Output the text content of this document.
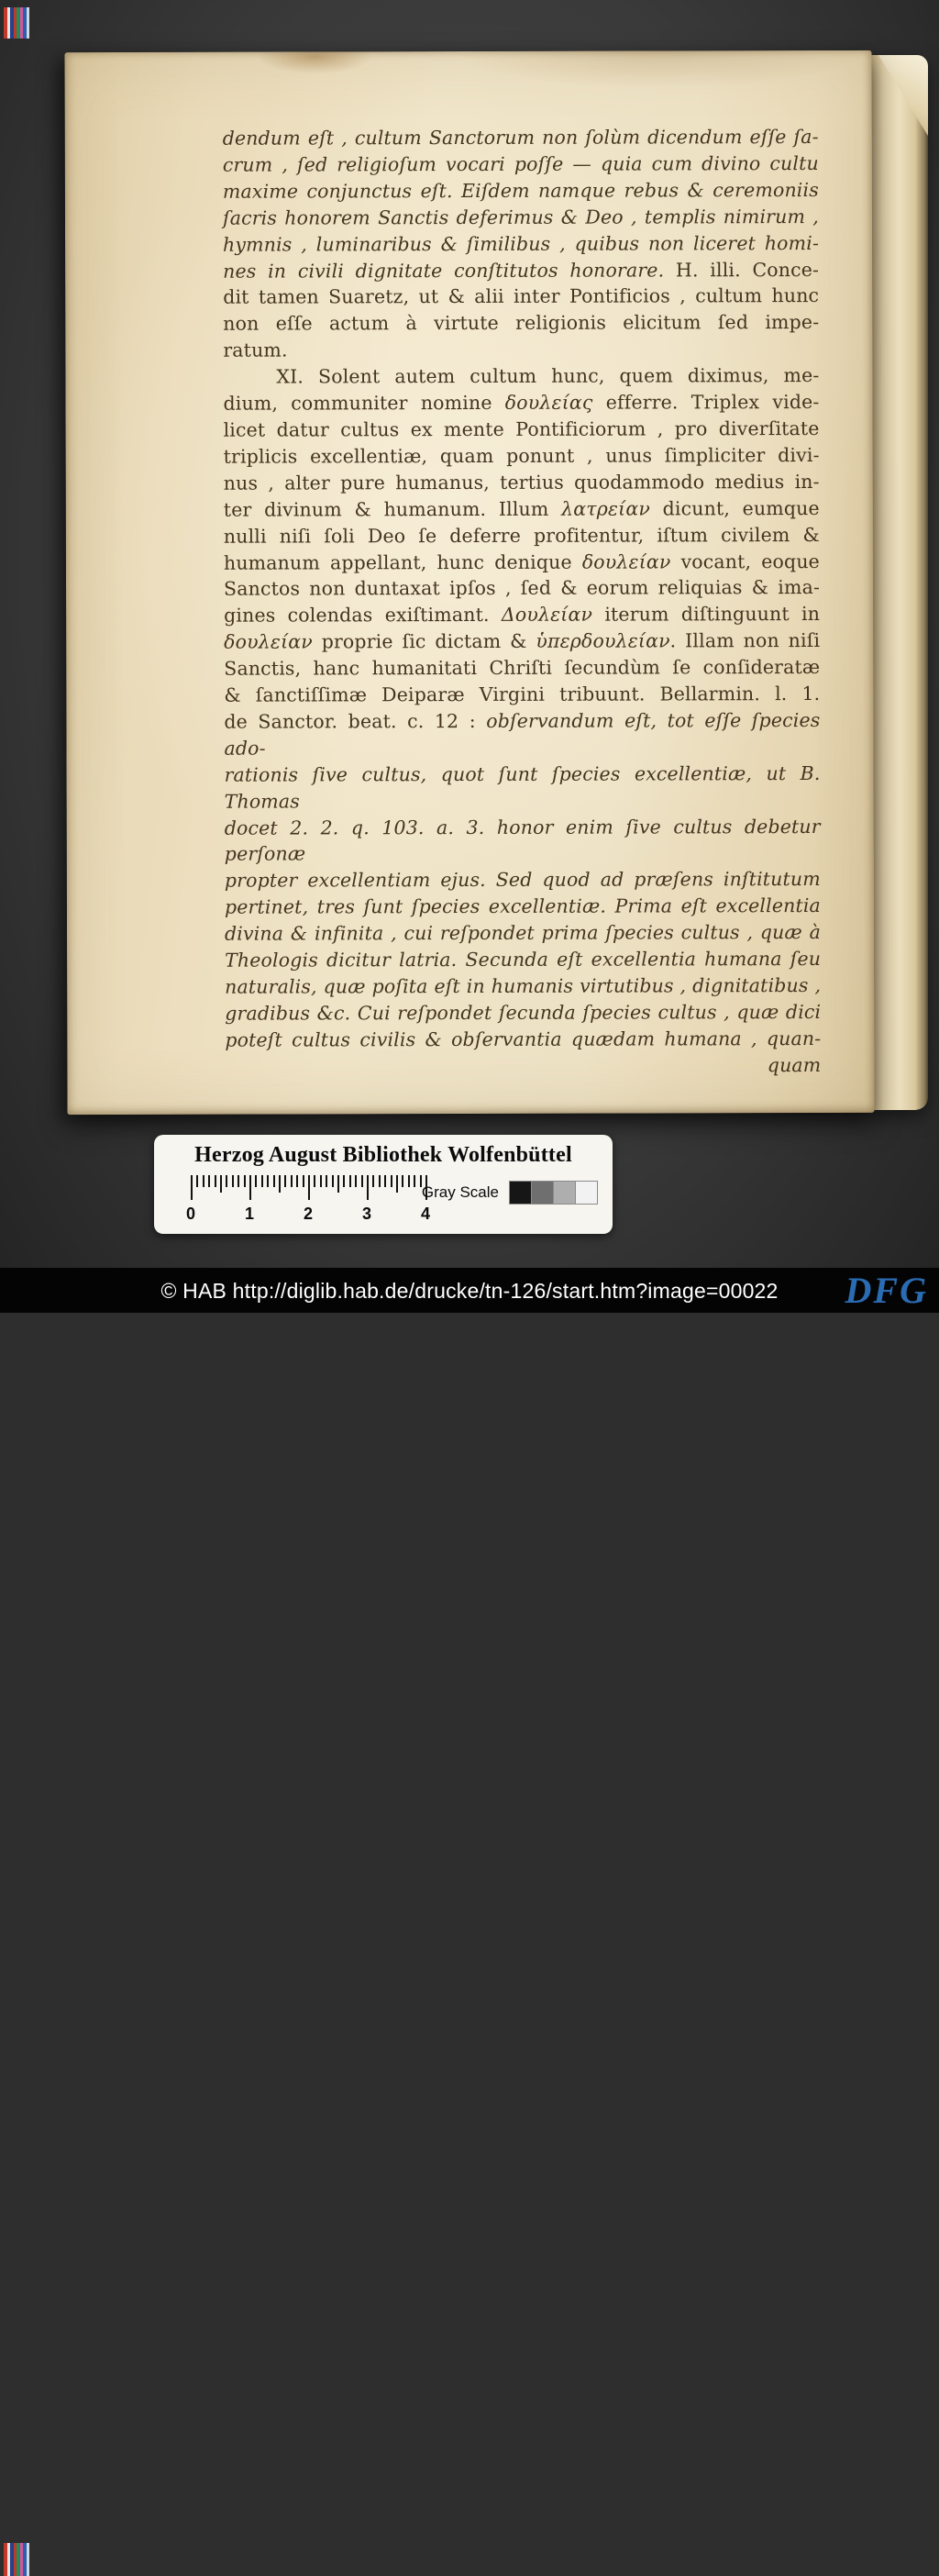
dendum eſt , cultum Sanctorum non ſolùm dicendum eſſe ſa-
crum , ſed religioſum vocari poſſe — quia cum divino cultu
maxime conjunctus eſt. Eiſdem namque rebus & ceremoniis
ſacris honorem Sanctis deferimus & Deo , templis nimirum ,
hymnis , luminaribus & ſimilibus , quibus non liceret homi-
nes in civili dignitate conſtitutos honorare. H. illi. Conce-
dit tamen Suaretz, ut & alii inter Pontificios , cultum hunc
non eſſe actum à virtute religionis elicitum ſed impe-
ratum.
XI. Solent autem cultum hunc, quem diximus, me-
dium, communiter nomine δουλείας efferre. Triplex vide-
licet datur cultus ex mente Pontificiorum , pro diverſitate
triplicis excellentiæ, quam ponunt , unus ſimpliciter divi-
nus , alter pure humanus, tertius quodammodo medius in-
ter divinum & humanum. Illum λατρείαν dicunt, eumque
nulli niſi ſoli Deo ſe deferre profitentur, iſtum civilem &
humanum appellant, hunc denique δουλείαν vocant, eoque
Sanctos non duntaxat ipſos , ſed & eorum reliquias & ima-
gines colendas exiſtimant. Δουλείαν iterum diſtinguunt in
δουλείαν proprie ſic dictam & ὑπερδουλείαν. Illam non niſi
Sanctis, hanc humanitati Chriſti ſecundùm ſe conſideratæ
& ſanctiſſimæ Deiparæ Virgini tribuunt. Bellarmin. l. 1.
de Sanctor. beat. c. 12 : obſervandum eſt, tot eſſe ſpecies ado-
rationis ſive cultus, quot ſunt ſpecies excellentiæ, ut B. Thomas
docet 2. 2. q. 103. a. 3. honor enim ſive cultus debetur perſonæ
propter excellentiam ejus. Sed quod ad præſens inſtitutum
pertinet, tres ſunt ſpecies excellentiæ. Prima eſt excellentia
divina & infinita , cui reſpondet prima ſpecies cultus , quæ à
Theologis dicitur latria. Secunda eſt excellentia humana ſeu
naturalis, quæ poſita eſt in humanis virtutibus , dignitatibus ,
gradibus &c. Cui reſpondet ſecunda ſpecies cultus , quæ dici
poteſt cultus civilis & obſervantia quædam humana , quan-
quam
Herzog August Bibliothek Wolfenbüttel
0	1	2	3	4
Gray Scale
© HAB http://diglib.hab.de/drucke/tn-126/start.htm?image=00022	DFG
